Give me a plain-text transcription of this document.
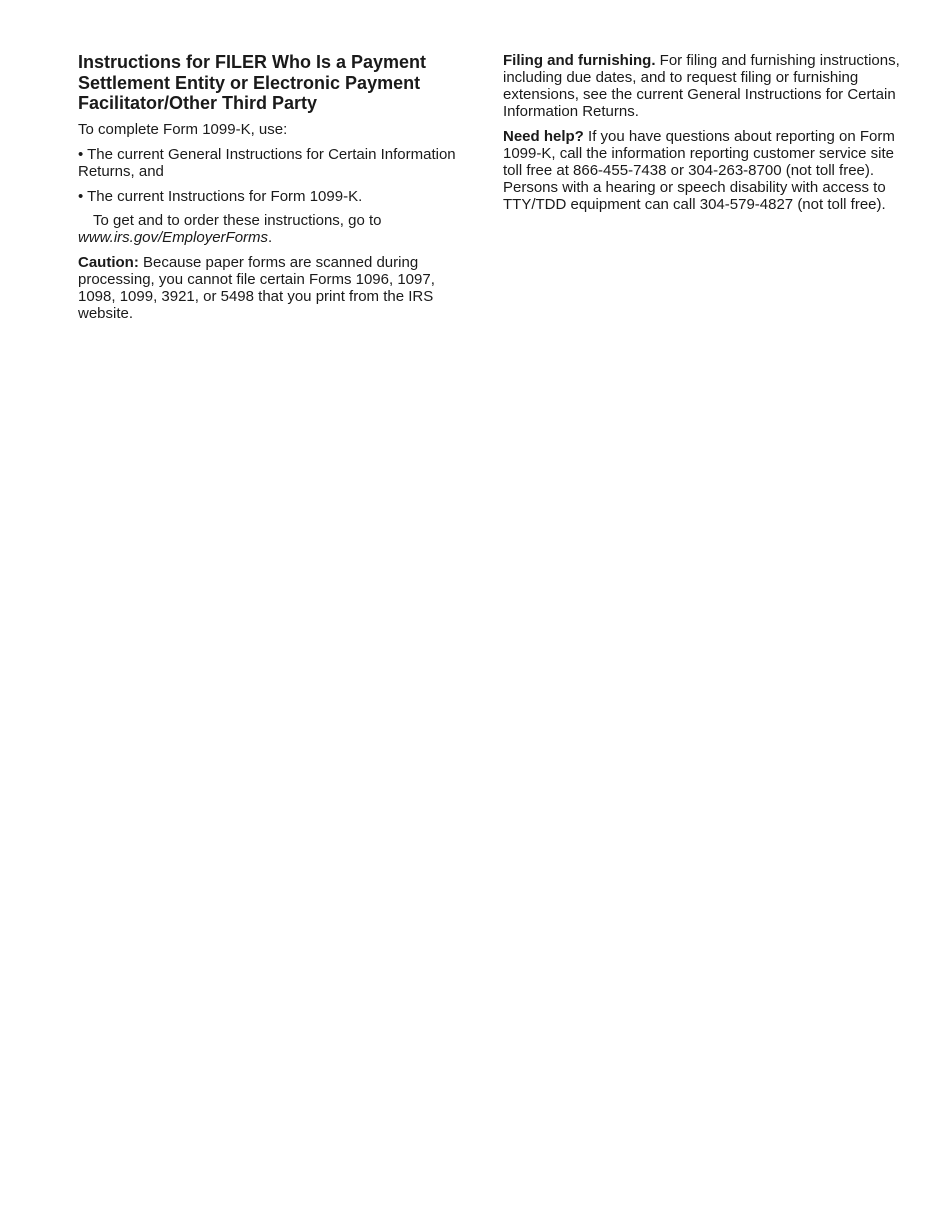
Instructions for FILER Who Is a Payment Settlement Entity or Electronic Payment Facilitator/Other Third Party

To complete Form 1099-K, use:

• The current General Instructions for Certain Information Returns, and

• The current Instructions for Form 1099-K.

To get and to order these instructions, go to www.irs.gov/EmployerForms.

Caution: Because paper forms are scanned during processing, you cannot file certain Forms 1096, 1097, 1098, 1099, 3921, or 5498 that you print from the IRS website.

Filing and furnishing. For filing and furnishing instructions, including due dates, and to request filing or furnishing extensions, see the current General Instructions for Certain Information Returns.

Need help? If you have questions about reporting on Form 1099-K, call the information reporting customer service site toll free at 866-455-7438 or 304-263-8700 (not toll free). Persons with a hearing or speech disability with access to TTY/TDD equipment can call 304-579-4827 (not toll free).
